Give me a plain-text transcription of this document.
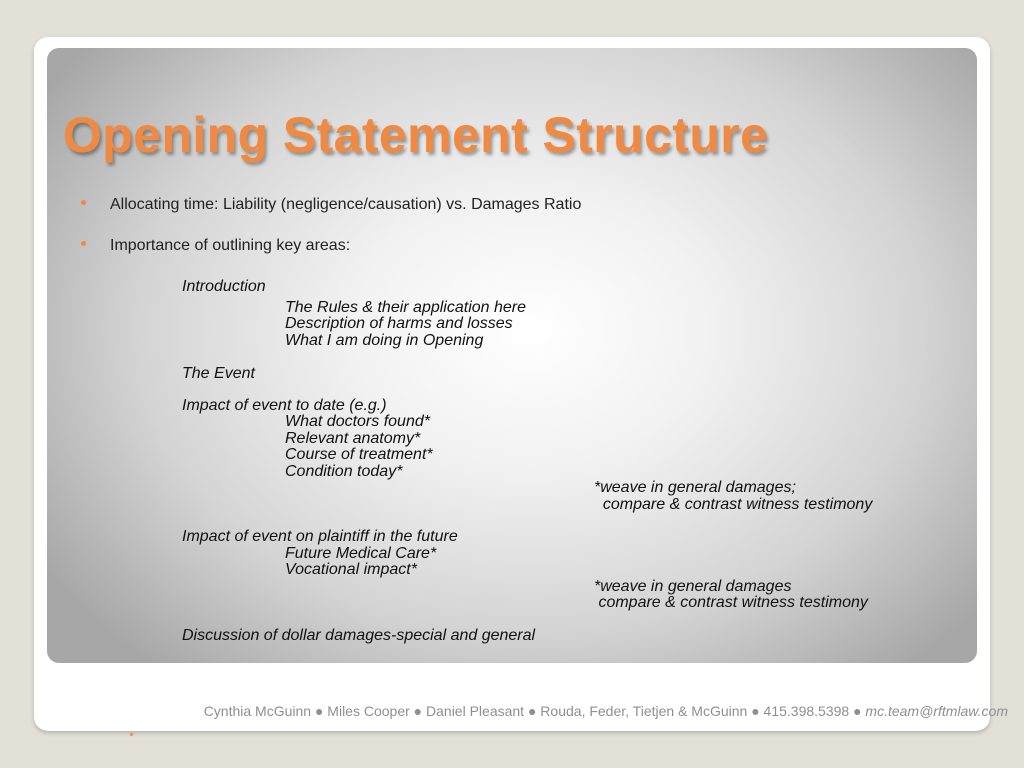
Opening Statement Structure
Allocating time: Liability (negligence/causation) vs. Damages Ratio
Importance of outlining key areas:
Introduction
The Rules & their application here
Description of harms and losses
What I am doing in Opening
The Event
Impact of event to date (e.g.)
What doctors found*
Relevant anatomy*
Course of treatment*
Condition today*
*weave in general damages;
compare & contrast witness testimony
Impact of event on plaintiff in the future
Future Medical Care*
Vocational impact*
*weave in general damages
compare & contrast witness testimony
Discussion of dollar damages-special and general
Cynthia McGuinn ● Miles Cooper ● Daniel Pleasant ● Rouda, Feder, Tietjen & McGuinn ● 415.398.5398 ● mc.team@rftmlaw.com
